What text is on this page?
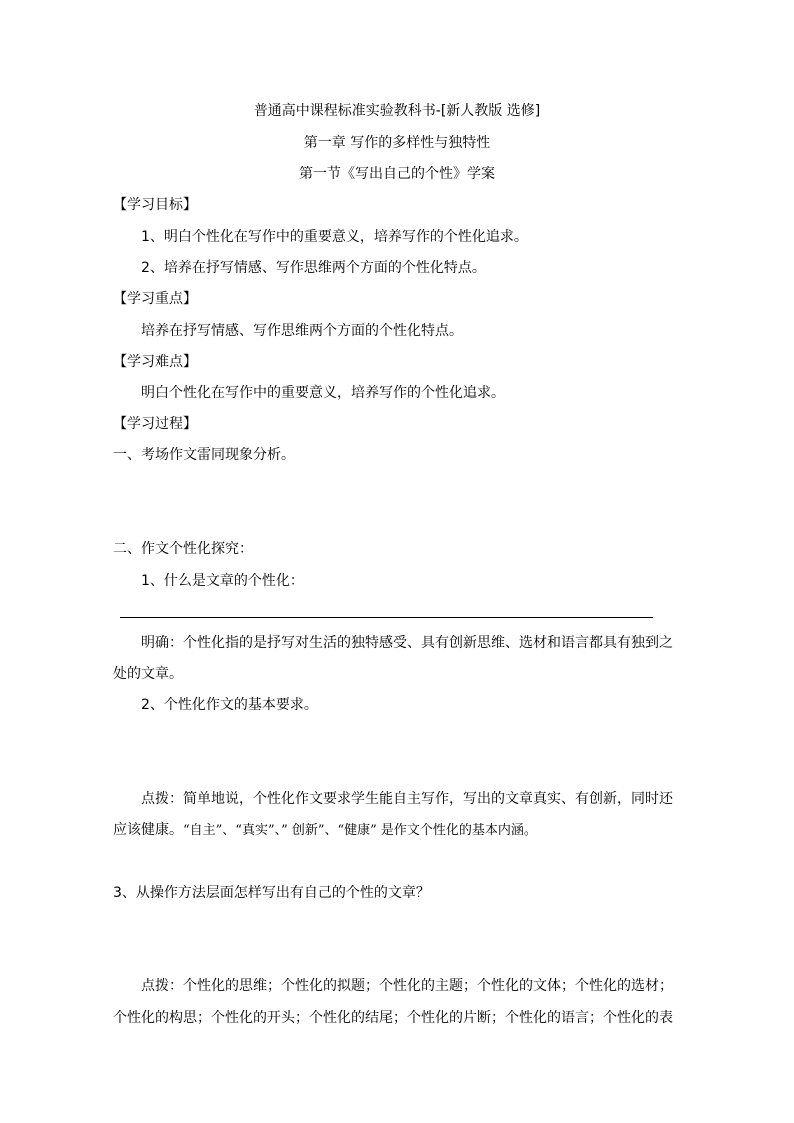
普通高中课程标准实验教科书-[新人教版 选修]
第一章 写作的多样性与独特性
第一节《写出自己的个性》学案
【学习目标】
1、明白个性化在写作中的重要意义，培养写作的个性化追求。
2、培养在抒写情感、写作思维两个方面的个性化特点。
【学习重点】
培养在抒写情感、写作思维两个方面的个性化特点。
【学习难点】
明白个性化在写作中的重要意义，培养写作的个性化追求。
【学习过程】
一、考场作文雷同现象分析。
二、作文个性化探究：
1、什么是文章的个性化：
明确：个性化指的是抒写对生活的独特感受、具有创新思维、选材和语言都具有独到之
处的文章。
2、个性化作文的基本要求。
点拨：简单地说，个性化作文要求学生能自主写作，写出的文章真实、有创新，同时还
应该健康。“自主”、“真实”、” 创新”、“健康” 是作文个性化的基本内涵。
3、从操作方法层面怎样写出有自己的个性的文章？
点拨：个性化的思维；个性化的拟题；个性化的主题；个性化的文体；个性化的选材；
个性化的构思；个性化的开头；个性化的结尾；个性化的片断；个性化的语言；个性化的表
